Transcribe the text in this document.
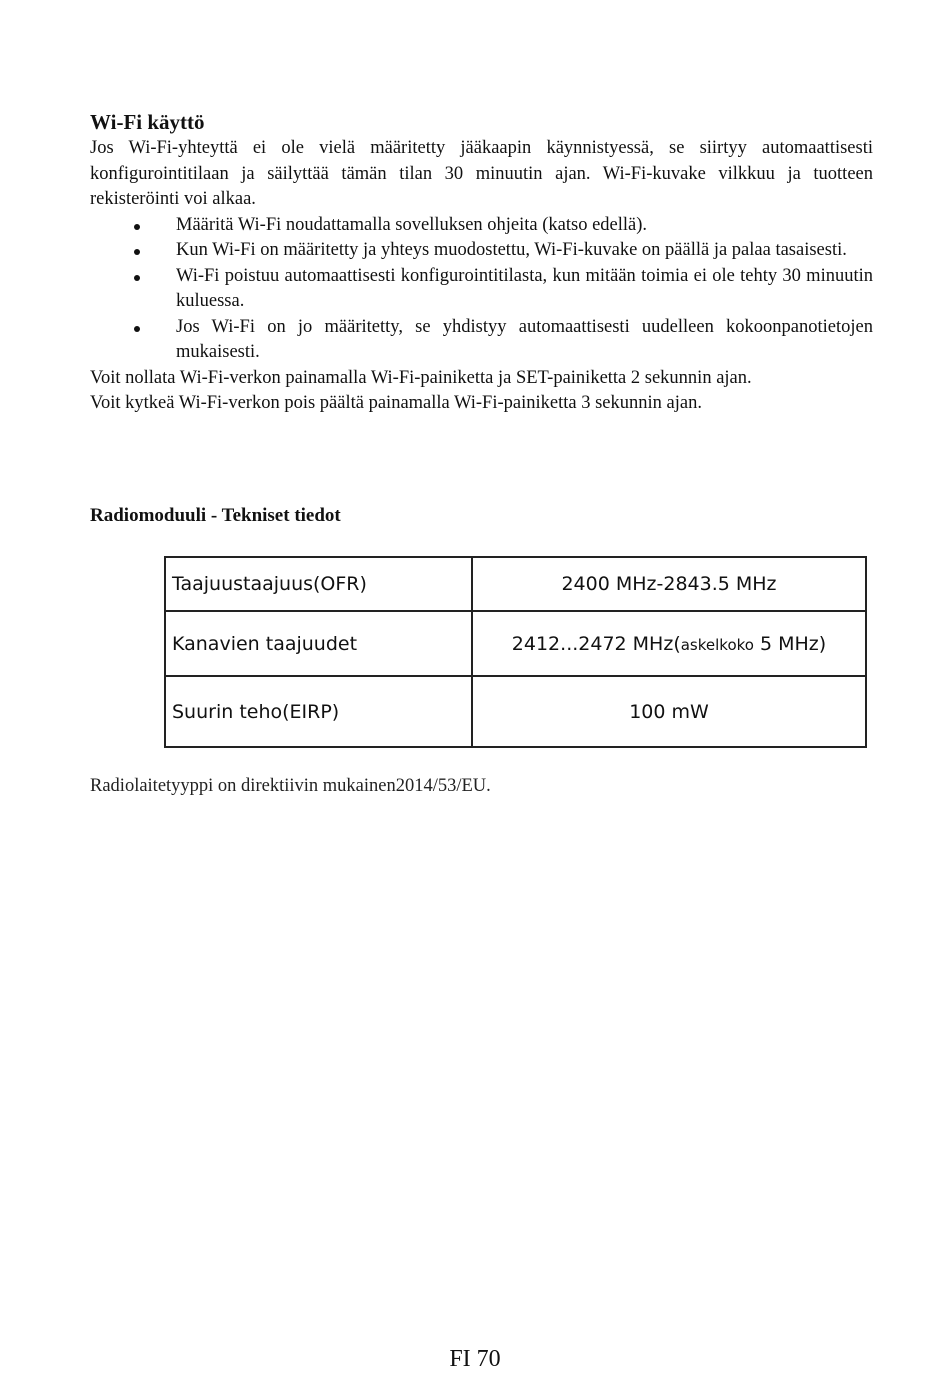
Wi-Fi käyttö

Jos Wi-Fi-yhteyttä ei ole vielä määritetty jääkaapin käynnistyessä, se siirtyy automaattisesti konfigurointitilaan ja säilyttää tämän tilan 30 minuutin ajan. Wi-Fi-kuvake vilkkuu ja tuotteen rekisteröinti voi alkaa.

Määritä Wi-Fi noudattamalla sovelluksen ohjeita (katso edellä).
Kun Wi-Fi on määritetty ja yhteys muodostettu, Wi-Fi-kuvake on päällä ja palaa tasaisesti.
Wi-Fi poistuu automaattisesti konfigurointitilasta, kun mitään toimia ei ole tehty 30 minuutin kuluessa.
Jos Wi-Fi on jo määritetty, se yhdistyy automaattisesti uudelleen kokoonpanotietojen mukaisesti.

Voit nollata Wi-Fi-verkon painamalla Wi-Fi-painiketta ja SET-painiketta 2 sekunnin ajan.

Voit kytkeä Wi-Fi-verkon pois päältä painamalla Wi-Fi-painiketta 3 sekunnin ajan.

Radiomoduuli - Tekniset tiedot
Taajuustaajuus(OFR)	2400 MHz-2843.5 MHz
Kanavien taajuudet	2412...2472 MHz(askelkoko 5 MHz)
Suurin teho(EIRP)	100 mW
Radiolaitetyyppi on direktiivin mukainen2014/53/EU.
FI 70
